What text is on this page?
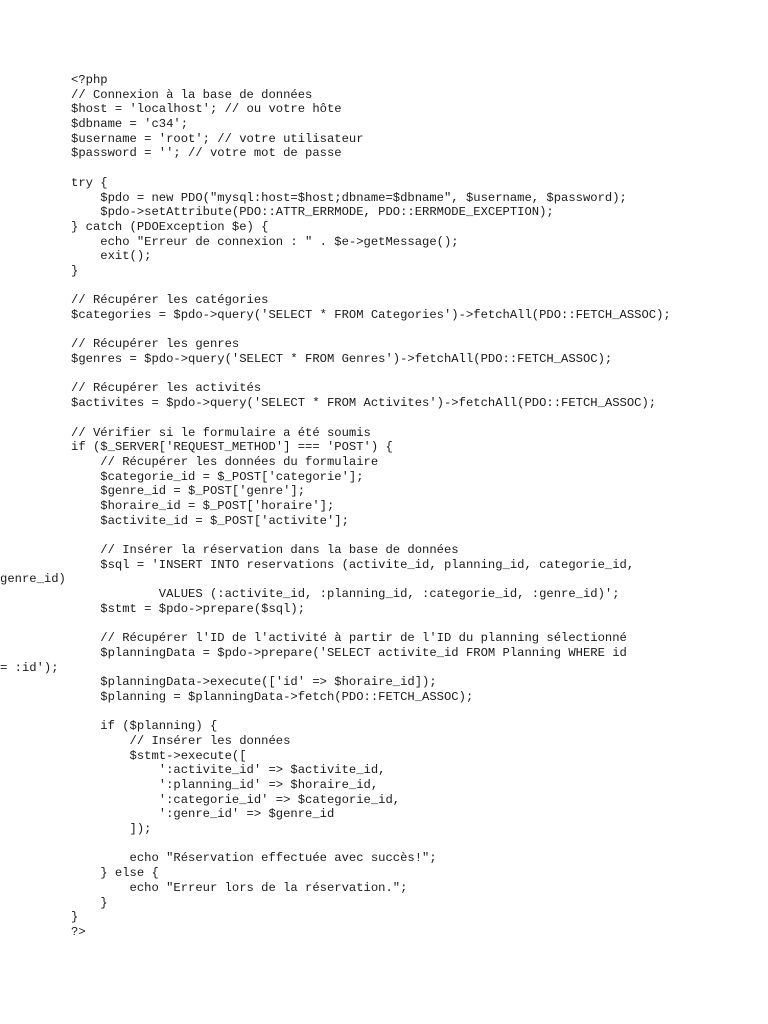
<?php
// Connexion à la base de données
$host = 'localhost'; // ou votre hôte
$dbname = 'c34';
$username = 'root'; // votre utilisateur
$password = ''; // votre mot de passe
try {
$pdo = new PDO("mysql:host=$host;dbname=$dbname", $username, $password);
$pdo->setAttribute(PDO::ATTR_ERRMODE, PDO::ERRMODE_EXCEPTION);
} catch (PDOException $e) {
echo "Erreur de connexion : " . $e->getMessage();
exit();
}
// Récupérer les catégories
$categories = $pdo->query('SELECT * FROM Categories')->fetchAll(PDO::FETCH_ASSOC);
// Récupérer les genres
$genres = $pdo->query('SELECT * FROM Genres')->fetchAll(PDO::FETCH_ASSOC);
// Récupérer les activités
$activites = $pdo->query('SELECT * FROM Activites')->fetchAll(PDO::FETCH_ASSOC);
// Vérifier si le formulaire a été soumis
if ($_SERVER['REQUEST_METHOD'] === 'POST') {
// Récupérer les données du formulaire
$categorie_id = $_POST['categorie'];
$genre_id = $_POST['genre'];
$horaire_id = $_POST['horaire'];
$activite_id = $_POST['activite'];
// Insérer la réservation dans la base de données
$sql = 'INSERT INTO reservations (activite_id, planning_id, categorie_id,
genre_id)
VALUES (:activite_id, :planning_id, :categorie_id, :genre_id)';
$stmt = $pdo->prepare($sql);
// Récupérer l'ID de l'activité à partir de l'ID du planning sélectionné
$planningData = $pdo->prepare('SELECT activite_id FROM Planning WHERE id
= :id');
$planningData->execute(['id' => $horaire_id]);
$planning = $planningData->fetch(PDO::FETCH_ASSOC);
if ($planning) {
// Insérer les données
$stmt->execute([
':activite_id' => $activite_id,
':planning_id' => $horaire_id,
':categorie_id' => $categorie_id,
':genre_id' => $genre_id
]);
echo "Réservation effectuée avec succès!";
} else {
echo "Erreur lors de la réservation.";
}
}
?>
